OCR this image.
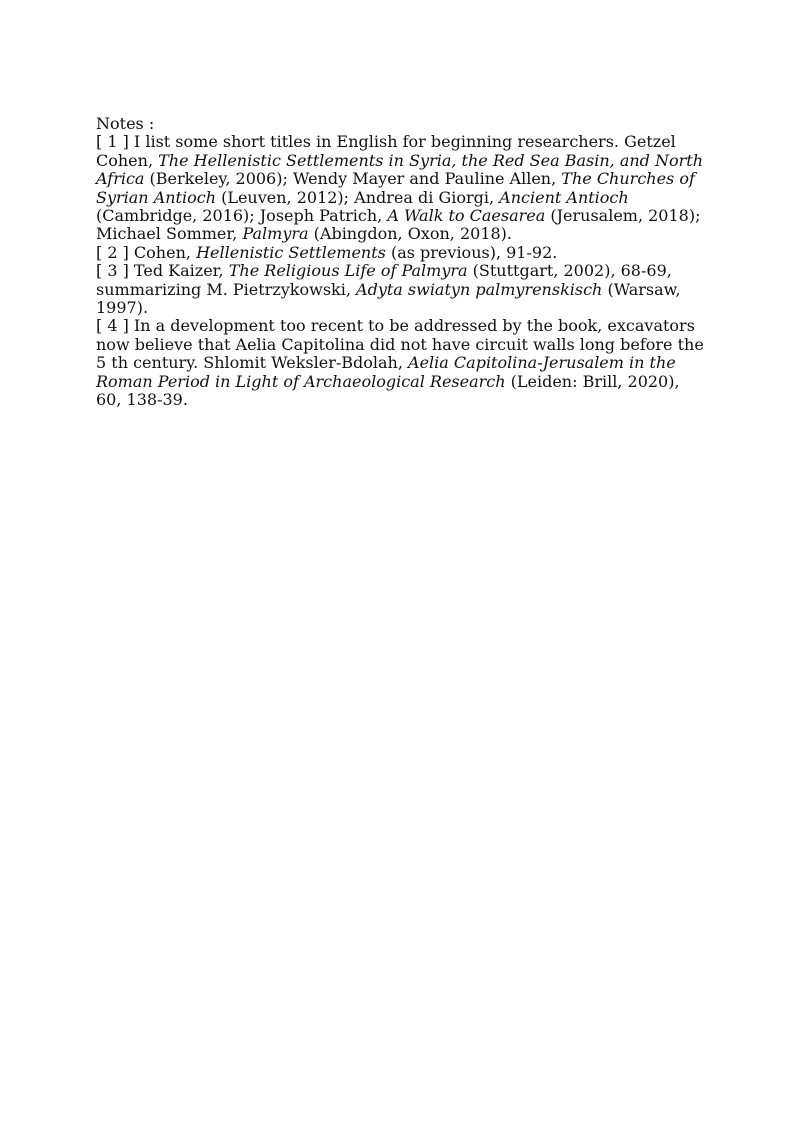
Notes :
[ 1 ] I list some short titles in English for beginning researchers. Getzel Cohen, The Hellenistic Settlements in Syria, the Red Sea Basin, and North Africa (Berkeley, 2006); Wendy Mayer and Pauline Allen, The Churches of Syrian Antioch (Leuven, 2012); Andrea di Giorgi, Ancient Antioch (Cambridge, 2016); Joseph Patrich, A Walk to Caesarea (Jerusalem, 2018); Michael Sommer, Palmyra (Abingdon, Oxon, 2018).
[ 2 ] Cohen, Hellenistic Settlements (as previous), 91-92.
[ 3 ] Ted Kaizer, The Religious Life of Palmyra (Stuttgart, 2002), 68-69, summarizing M. Pietrzykowski, Adyta swiatyn palmyrenskisch (Warsaw, 1997).
[ 4 ] In a development too recent to be addressed by the book, excavators now believe that Aelia Capitolina did not have circuit walls long before the 5 th century. Shlomit Weksler-Bdolah, Aelia Capitolina-Jerusalem in the Roman Period in Light of Archaeological Research (Leiden: Brill, 2020), 60, 138-39.
